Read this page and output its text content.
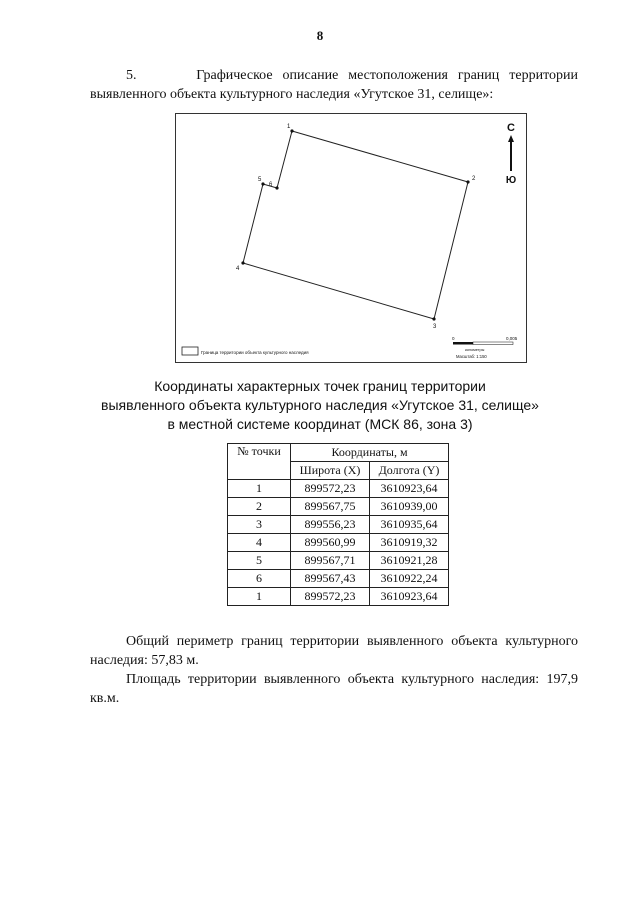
8
5.	Графическое описание местоположения границ территории выявленного объекта культурного наследия «Угутское 31, селище»:
1
2
3
4
5
6
С
Ю
Граница территории объекта культурного наследия
0	0,005
километры
Масштаб: 1:150
Координаты характерных точек границ территории
выявленного объекта культурного наследия «Угутское 31, селище»
в местной системе координат (МСК 86, зона 3)
№ точки	Координаты, м	
	Широта (X)	Долгота (Y)
1	899572,23	3610923,64
2	899567,75	3610939,00
3	899556,23	3610935,64
4	899560,99	3610919,32
5	899567,71	3610921,28
6	899567,43	3610922,24
1	899572,23	3610923,64
Общий периметр границ территории выявленного объекта культурного наследия: 57,83 м.
Площадь территории выявленного объекта культурного наследия: 197,9 кв.м.
